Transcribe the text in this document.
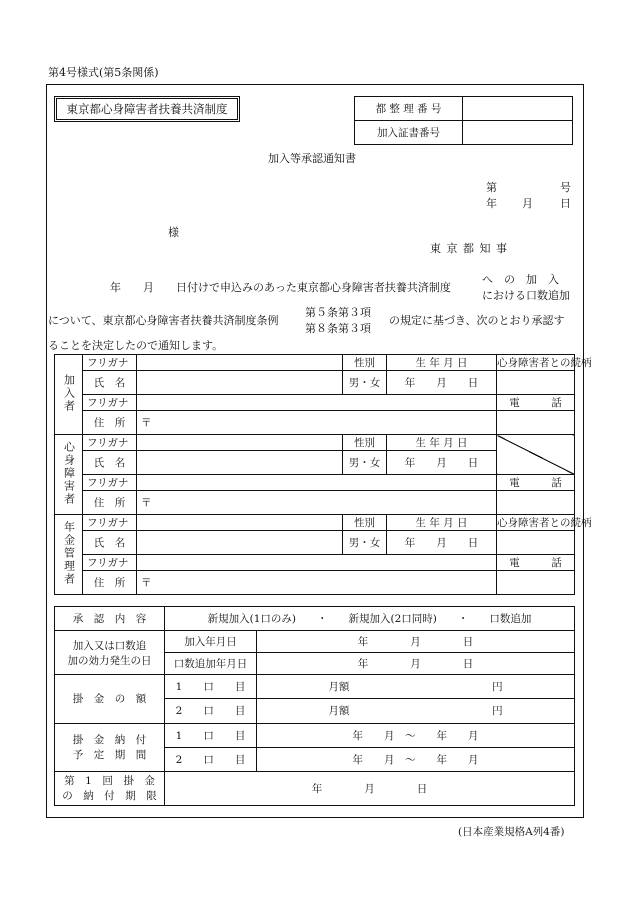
第4号様式(第5条関係)
東京都心身障害者扶養共済制度	都 整 理 番 号	
加入証書番号	
加入等承認通知書
第	号
年 月 日
様
東 京 都 知 事
年　　月　　日付けで申込みのあった東京都心身障害者扶養共済制度
へ　の　加　入
における口数追加
について、東京都心身障害者扶養共済制度条例
第５条第３項
第８条第３項
の規定に基づき、次のとおり承認す
ることを決定したので通知します。
加入者	フリガナ		性別	生 年 月 日	心身障害者との続柄
	氏　名		男・女	年　　月　　日	
	フリガナ				電　　　話
	住　所	〒			
心身障害者	フリガナ		性別	生 年 月 日	
	氏　名		男・女	年　　月　　日	
	フリガナ				電　　　話
	住　所	〒			
年金管理者	フリガナ		性別	生 年 月 日	心身障害者との続柄
	氏　名		男・女	年　　月　　日	
	フリガナ				電　　　話
	住　所	〒			
承　認　内　容	新規加入(1口のみ)　　・　　新規加入(2口同時)　　・　　口数追加	

加入又は口数追
加の効力発生の日	加入年月日	年　　　　月　　　　日
	口数追加年月日	年　　　　月　　　　日
掛　金　の　額	1　　口　　目	月額 円

	2　　口　　目	月額 円

掛　金　納　付
予　定　期　間	1　　口　　目	年　　月　～　　年　　月
	2　　口　　目	年　　月　～　　年　　月

第　1　回　掛　金
の　納　付　期　限	年　　　　月　　　　日	
(日本産業規格A列4番)
